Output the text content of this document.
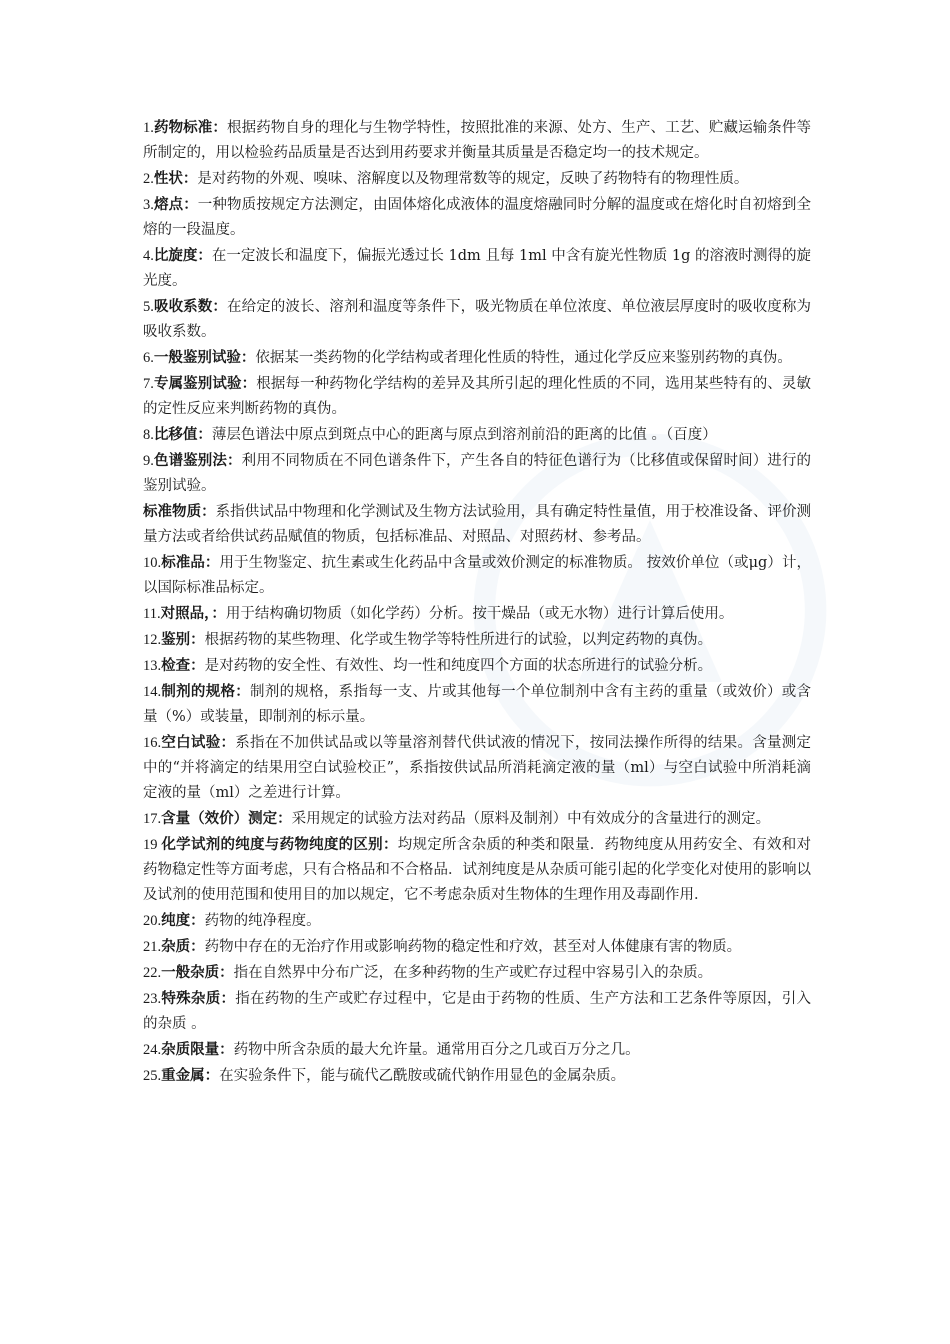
1.药物标准：根据药物自身的理化与生物学特性，按照批准的来源、处方、生产、工艺、贮藏运输条件等所制定的，用以检验药品质量是否达到用药要求并衡量其质量是否稳定均一的技术规定。

2.性状：是对药物的外观、嗅味、溶解度以及物理常数等的规定，反映了药物特有的物理性质。

3.熔点：一种物质按规定方法测定，由固体熔化成液体的温度熔融同时分解的温度或在熔化时自初熔到全熔的一段温度。

4.比旋度：在一定波长和温度下，偏振光透过长 1dm 且每 1ml 中含有旋光性物质 1g 的溶液时测得的旋光度。

5.吸收系数：在给定的波长、溶剂和温度等条件下，吸光物质在单位浓度、单位液层厚度时的吸收度称为吸收系数。

6.一般鉴别试验：依据某一类药物的化学结构或者理化性质的特性，通过化学反应来鉴别药物的真伪。

7.专属鉴别试验：根据每一种药物化学结构的差异及其所引起的理化性质的不同，选用某些特有的、灵敏的定性反应来判断药物的真伪。

8.比移值：薄层色谱法中原点到斑点中心的距离与原点到溶剂前沿的距离的比值 。（百度）

9.色谱鉴别法：利用不同物质在不同色谱条件下，产生各自的特征色谱行为（比移值或保留时间）进行的鉴别试验。

标准物质：系指供试品中物理和化学测试及生物方法试验用，具有确定特性量值，用于校准设备、评价测量方法或者给供试药品赋值的物质，包括标准品、对照品、对照药材、参考品。

10.标准品：用于生物鉴定、抗生素或生化药品中含量或效价测定的标准物质。 按效价单位（或μg）计，以国际标准品标定。

11.对照品，：用于结构确切物质（如化学药）分析。按干燥品（或无水物）进行计算后使用。

12.鉴别：根据药物的某些物理、化学或生物学等特性所进行的试验，以判定药物的真伪。

13.检查：是对药物的安全性、有效性、均一性和纯度四个方面的状态所进行的试验分析。

14.制剂的规格：制剂的规格，系指每一支、片或其他每一个单位制剂中含有主药的重量（或效价）或含量（%）或装量，即制剂的标示量。

16.空白试验：系指在不加供试品或以等量溶剂替代供试液的情况下，按同法操作所得的结果。含量测定中的“并将滴定的结果用空白试验校正”，系指按供试品所消耗滴定液的量（ml）与空白试验中所消耗滴定液的量（ml）之差进行计算。

17.含量（效价）测定：采用规定的试验方法对药品（原料及制剂）中有效成分的含量进行的测定。

19 化学试剂的纯度与药物纯度的区别：均规定所含杂质的种类和限量．药物纯度从用药安全、有效和对药物稳定性等方面考虑，只有合格品和不合格品．试剂纯度是从杂质可能引起的化学变化对使用的影响以及试剂的使用范围和使用目的加以规定，它不考虑杂质对生物体的生理作用及毒副作用．

20.纯度：药物的纯净程度。

21.杂质：药物中存在的无治疗作用或影响药物的稳定性和疗效，甚至对人体健康有害的物质。

22.一般杂质：指在自然界中分布广泛，在多种药物的生产或贮存过程中容易引入的杂质。

23.特殊杂质：指在药物的生产或贮存过程中，它是由于药物的性质、生产方法和工艺条件等原因，引入的杂质 。

24.杂质限量：药物中所含杂质的最大允许量。通常用百分之几或百万分之几。

25.重金属：在实验条件下，能与硫代乙酰胺或硫代钠作用显色的金属杂质。
